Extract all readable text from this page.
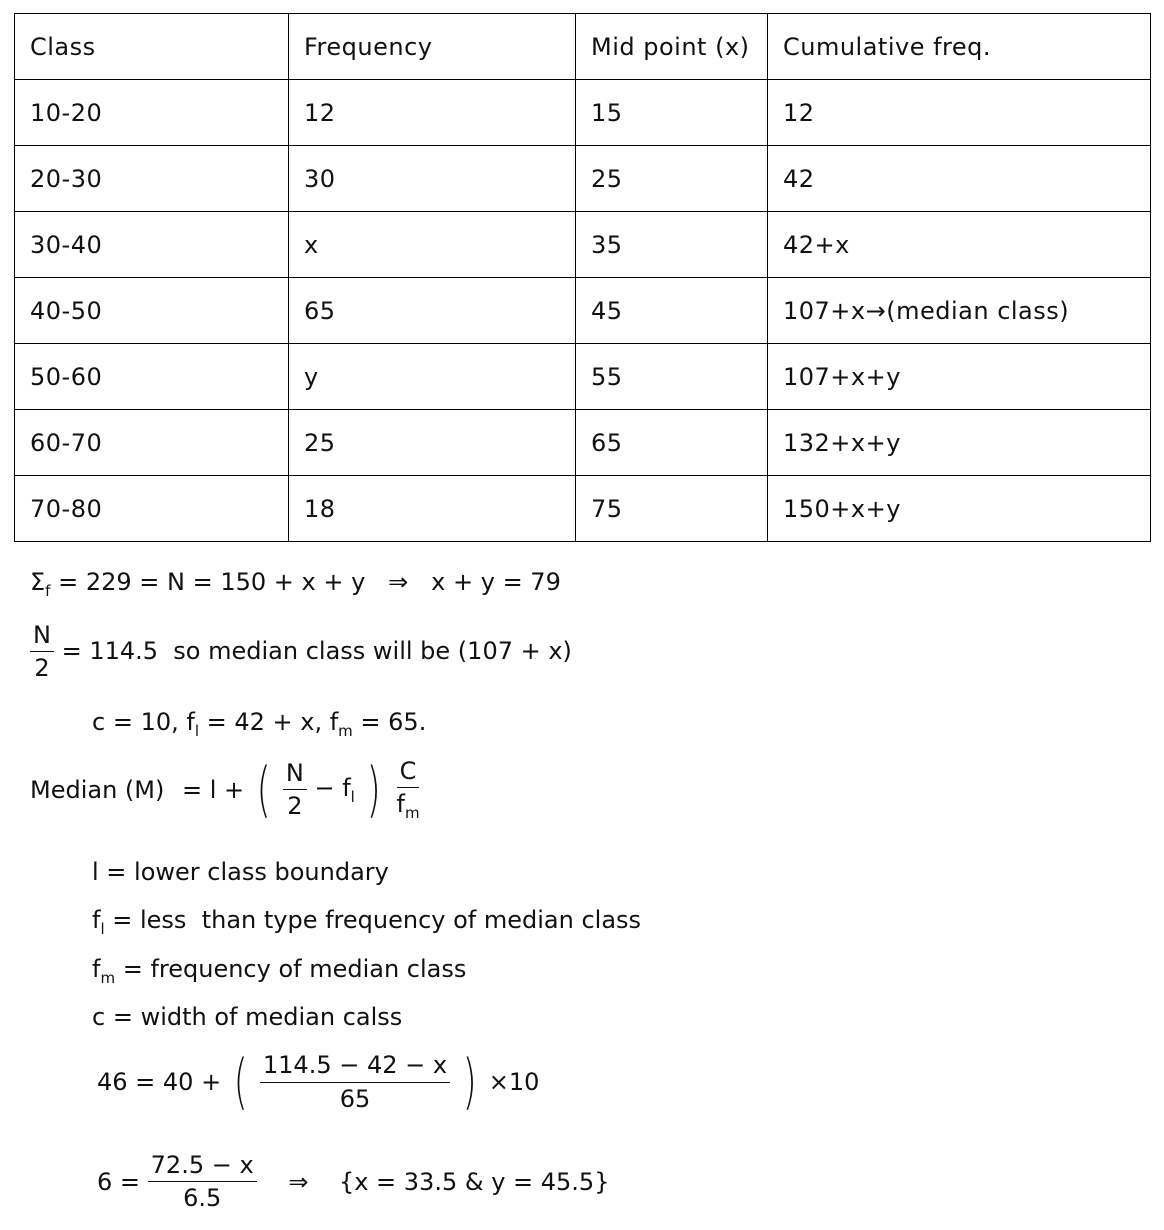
Class	Frequency	Mid point (x)	Cumulative freq.
10-20	12	15	12
20-30	30	25	42
30-40	x	35	42+x
40-50	65	45	107+x→(median class)
50-60	y	55	107+x+y
60-70	25	65	132+x+y
70-80	18	75	150+x+y
$\Sigma_f = 229 = N = 150 + x + y$   ⇒   x + y = 79
$\frac{N}{2} = 114.5$  so median class will be (107 + x)
c = 10, $f_l = 42 + x$, $f_m = 65$.
Median (M) = l + ( $\frac{N}{2} - f_l$ ) $\frac{C}{f_m}$
l = lower class boundary
$f_l$ = less  than type frequency of median class
$f_m$ = frequency of median class
c = width of median calss
46 = 40 + ( $\frac{114.5 - 42 - x}{65}$ ) ×10
$6 = \frac{72.5 - x}{6.5}$ ⇒    {x = 33.5 & y = 45.5}
